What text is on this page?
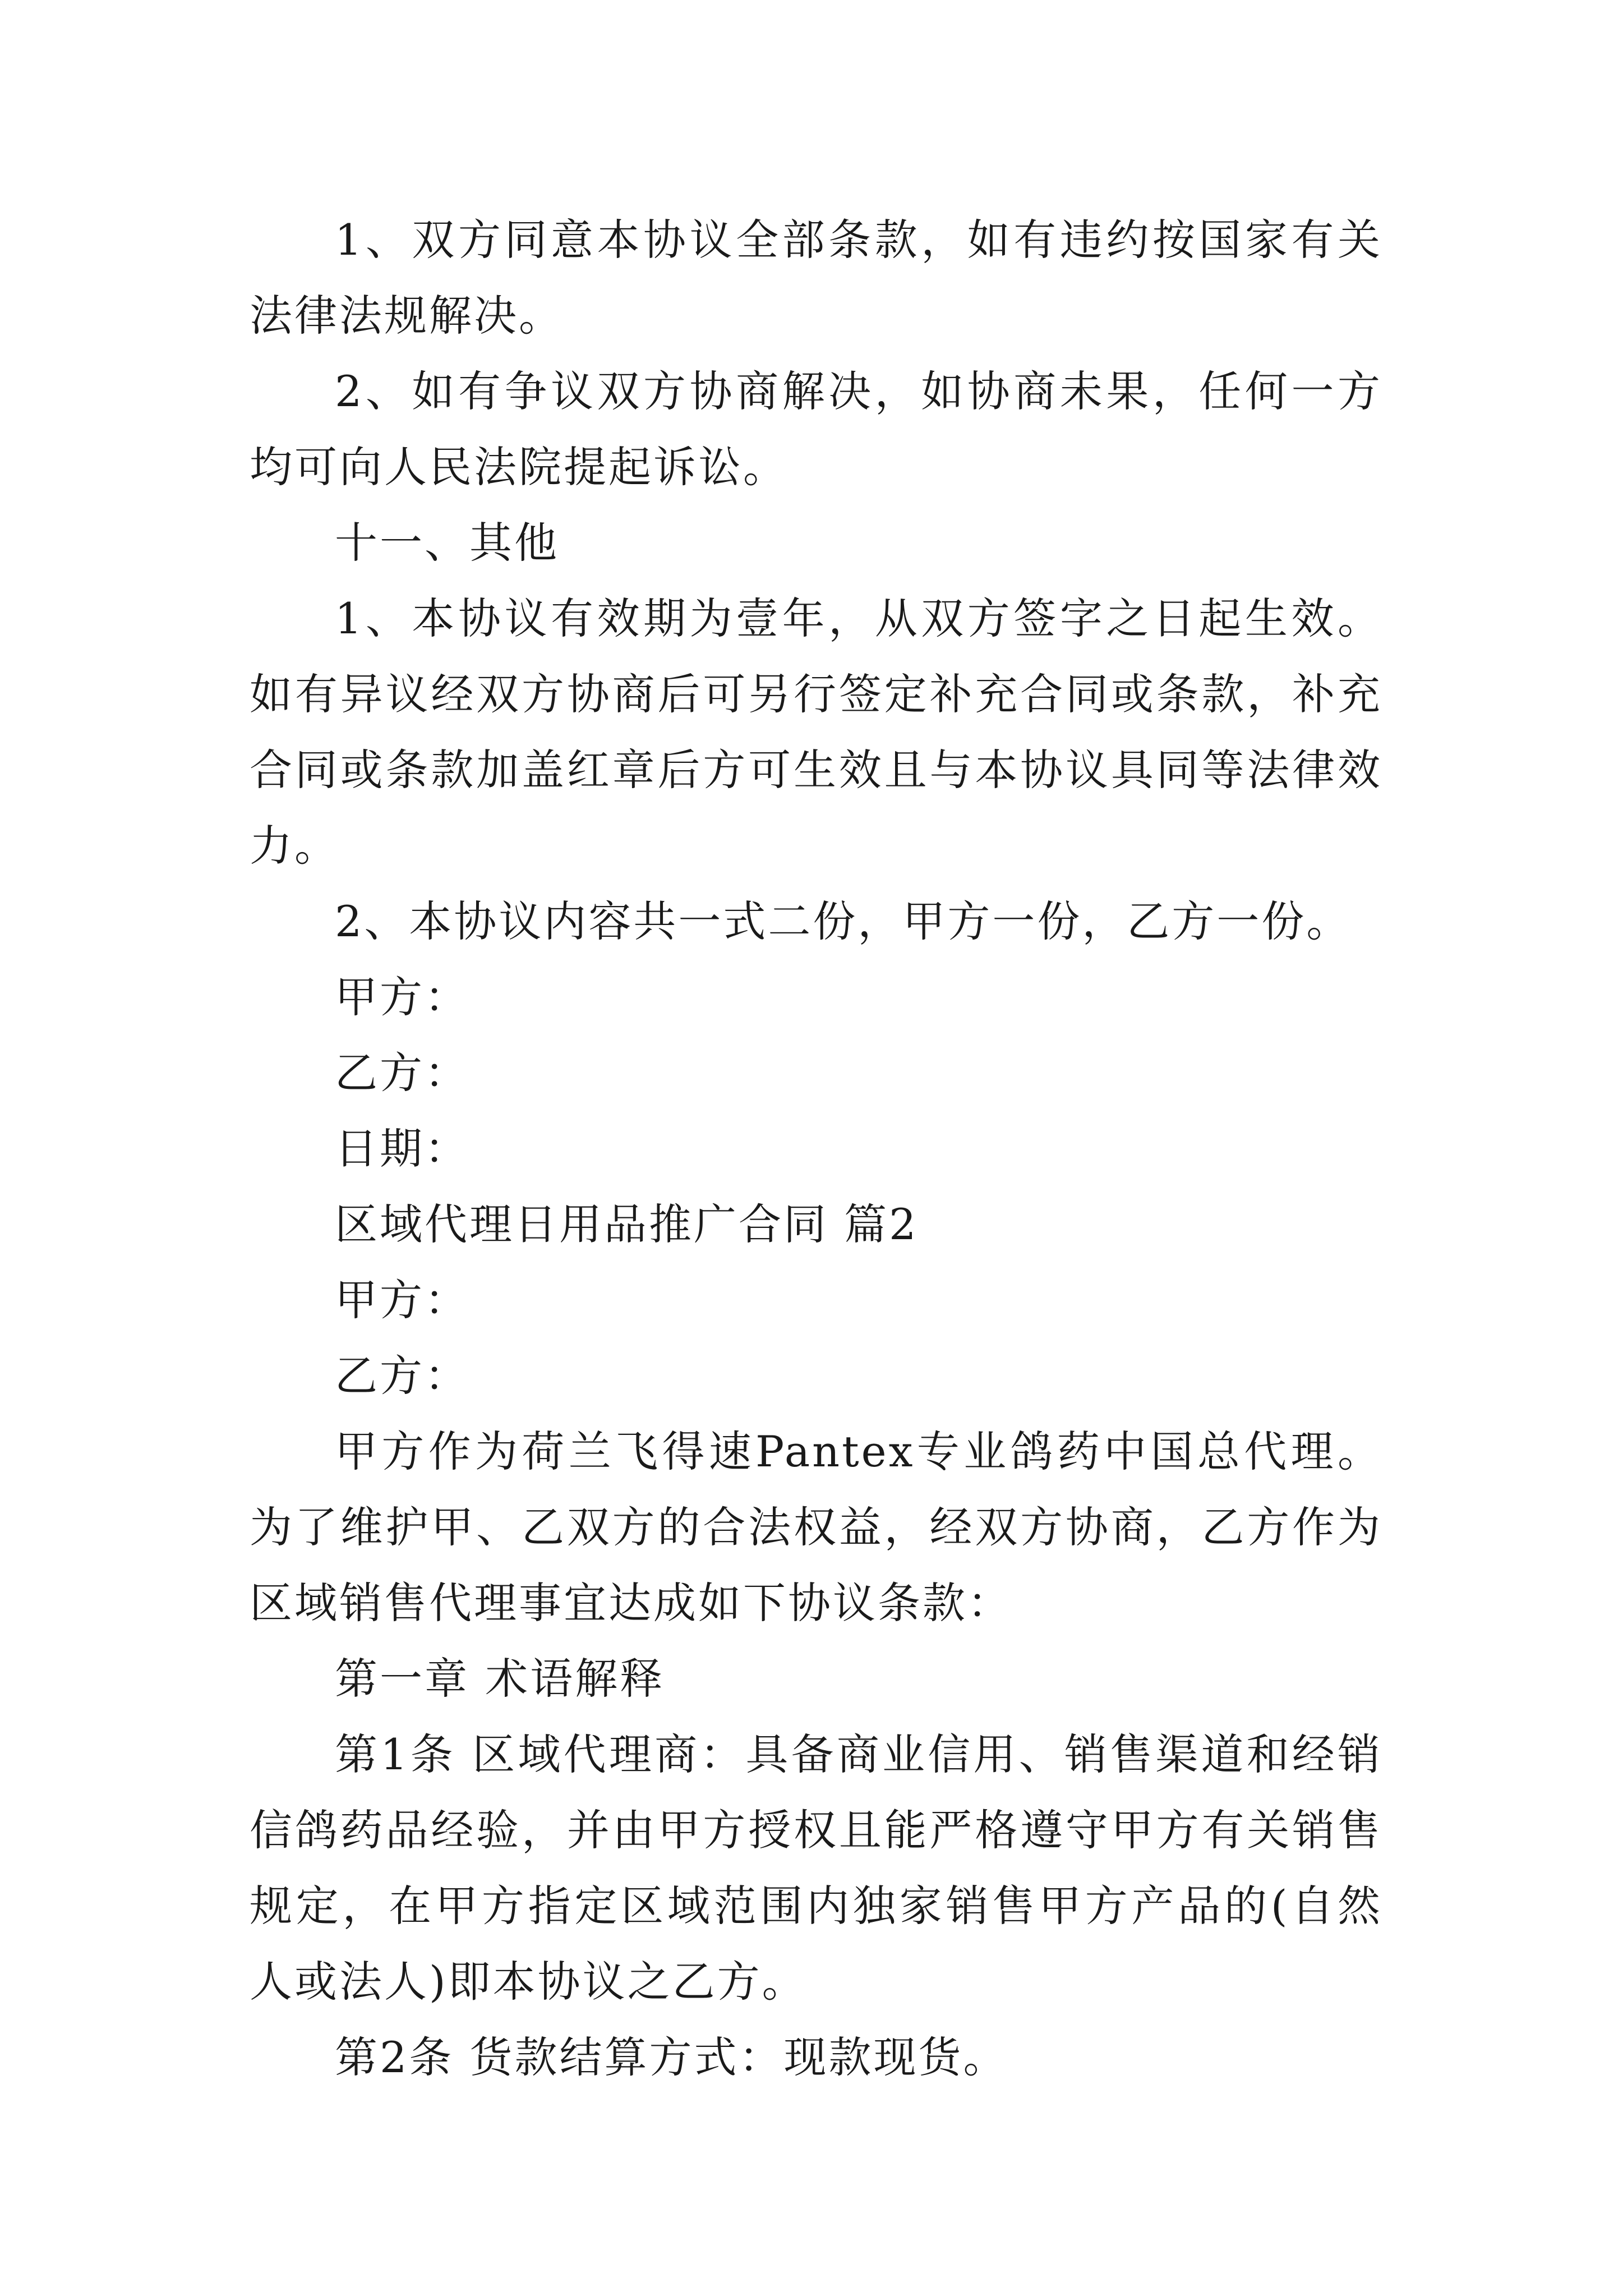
1、双方同意本协议全部条款，如有违约按国家有关法律法规解决。

2、如有争议双方协商解决，如协商未果，任何一方均可向人民法院提起诉讼。

十一、其他

1、本协议有效期为壹年，从双方签字之日起生效。如有异议经双方协商后可另行签定补充合同或条款，补充合同或条款加盖红章后方可生效且与本协议具同等法律效力。

2、本协议内容共一式二份，甲方一份，乙方一份。

甲方：

乙方：

日期：

区域代理日用品推广合同 篇2

甲方：

乙方：

甲方作为荷兰飞得速Pantex专业鸽药中国总代理。为了维护甲、乙双方的合法权益，经双方协商，乙方作为区域销售代理事宜达成如下协议条款：

第一章 术语解释

第1条 区域代理商：具备商业信用、销售渠道和经销信鸽药品经验，并由甲方授权且能严格遵守甲方有关销售规定，在甲方指定区域范围内独家销售甲方产品的(自然人或法人)即本协议之乙方。

第2条 货款结算方式：现款现货。
